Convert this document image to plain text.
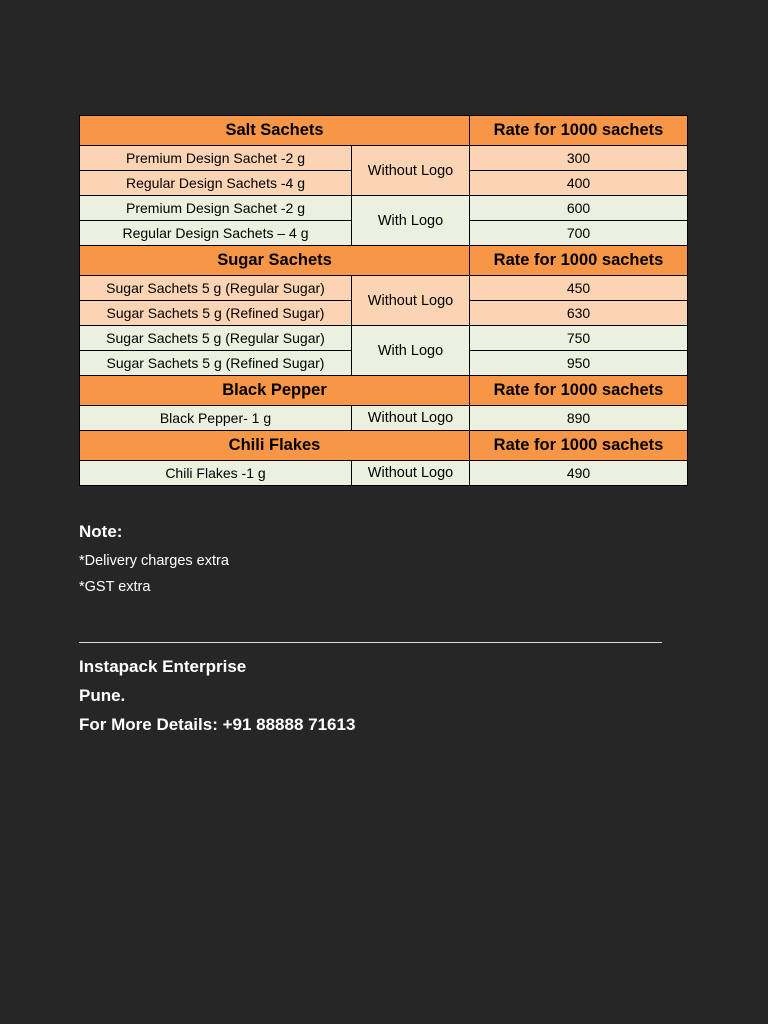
Salt Sachets		Rate for 1000 sachets
Premium Design Sachet -2 g	Without Logo	300
Regular Design Sachets -4 g		400
Premium Design Sachet -2 g	With Logo	600
Regular Design Sachets – 4 g		700
Sugar Sachets		Rate for 1000 sachets
Sugar Sachets 5 g (Regular Sugar)	Without Logo	450
Sugar Sachets 5 g (Refined Sugar)		630
Sugar Sachets 5 g (Regular Sugar)	With Logo	750
Sugar Sachets 5 g (Refined Sugar)		950
Black Pepper		Rate for 1000 sachets
Black Pepper- 1 g	Without Logo	890
Chili Flakes		Rate for 1000 sachets
Chili Flakes -1 g	Without Logo	490

Note:

*Delivery charges extra

*GST extra

Instapack Enterprise

Pune.

For More Details: +91 88888 71613
